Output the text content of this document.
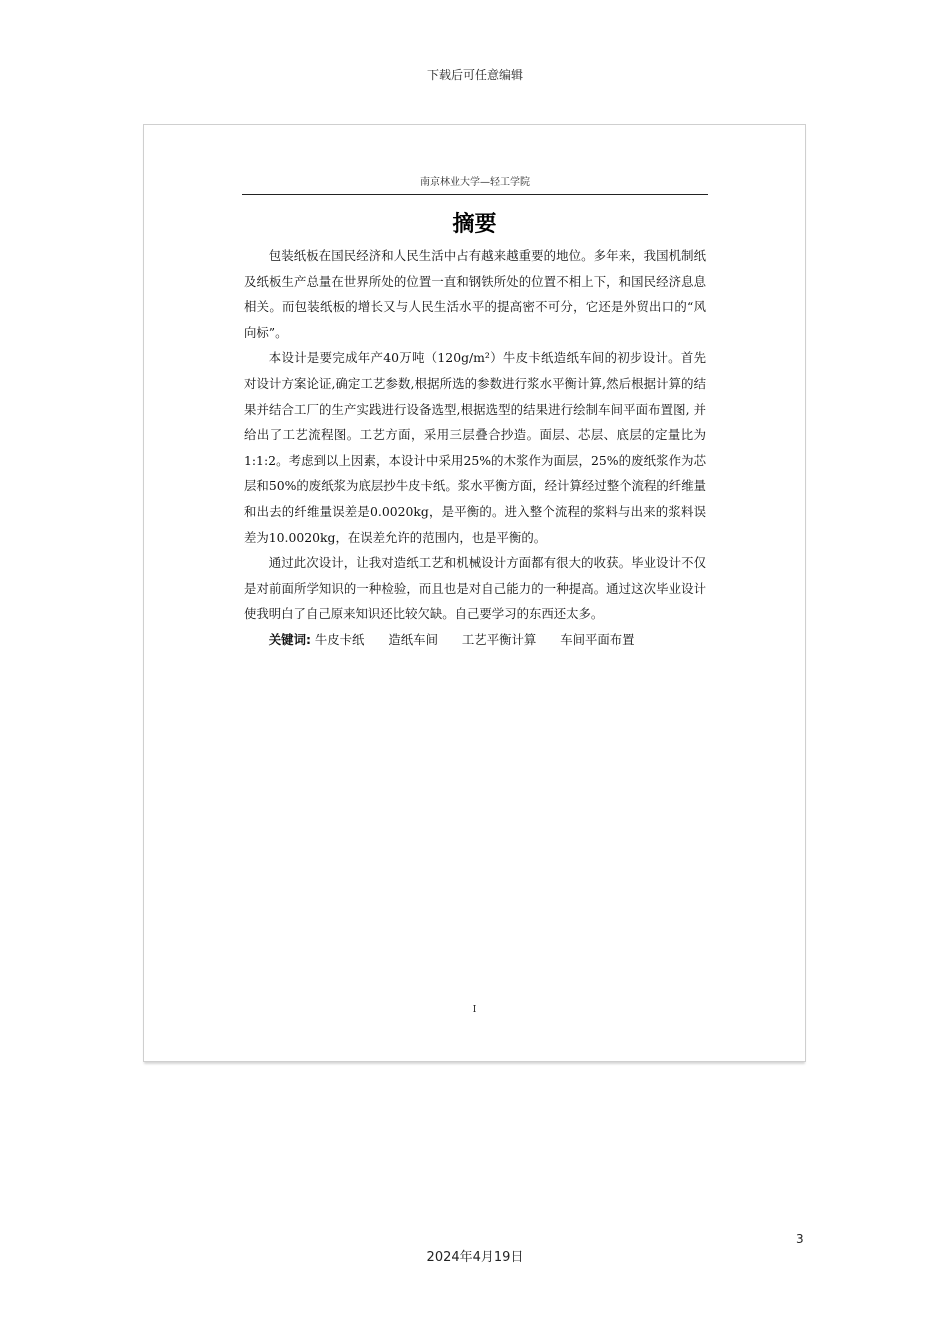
下载后可任意编辑
南京林业大学—轻工学院
摘要

包装纸板在国民经济和人民生活中占有越来越重要的地位。多年来，我国机制纸及纸板生产总量在世界所处的位置一直和钢铁所处的位置不相上下，和国民经济息息相关。而包装纸板的增长又与人民生活水平的提高密不可分，它还是外贸出口的“风向标”。

本设计是要完成年产40万吨（120g/m²）牛皮卡纸造纸车间的初步设计。首先对设计方案论证,确定工艺参数,根据所选的参数进行浆水平衡计算,然后根据计算的结果并结合工厂的生产实践进行设备选型,根据选型的结果进行绘制车间平面布置图, 并给出了工艺流程图。工艺方面，采用三层叠合抄造。面层、芯层、底层的定量比为1:1:2。考虑到以上因素，本设计中采用25%的木浆作为面层，25%的废纸浆作为芯层和50%的废纸浆为底层抄牛皮卡纸。浆水平衡方面，经计算经过整个流程的纤维量和出去的纤维量误差是0.0020kg，是平衡的。进入整个流程的浆料与出来的浆料误差为10.0020kg，在误差允许的范围内，也是平衡的。

通过此次设计，让我对造纸工艺和机械设计方面都有很大的收获。毕业设计不仅是对前面所学知识的一种检验，而且也是对自己能力的一种提高。通过这次毕业设计使我明白了自己原来知识还比较欠缺。自己要学习的东西还太多。

关键词: 牛皮卡纸 造纸车间 工艺平衡计算 车间平面布置

I
3
2024年4月19日
